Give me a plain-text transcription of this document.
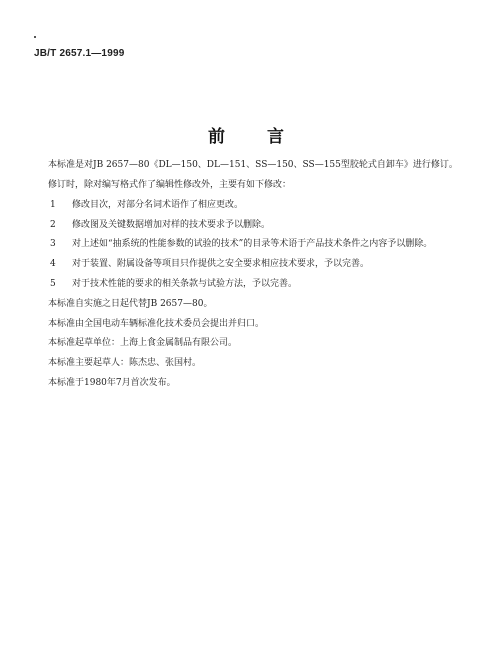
JB/T 2657.1—1999
前 言

本标准是对JB 2657—80《DL—150、DL—151、SS—150、SS—155型胶轮式自卸车》进行修订。

修订时，除对编写格式作了编辑性修改外，主要有如下修改：

1	修改目次，对部分名词术语作了相应更改。
2	修改图及关键数据增加对样的技术要求予以删除。
3	对上述如“抽系统的性能参数的试验的技术”的目录等术语于产品技术条件之内容予以删除。
4	对于装置、附属设备等项目只作提供之安全要求相应技术要求，予以完善。
5	对于技术性能的要求的相关条款与试验方法，予以完善。

本标准自实施之日起代替JB 2657—80。

本标准由全国电动车辆标准化技术委员会提出并归口。

本标准起草单位：上海上食金属制品有限公司。

本标准主要起草人：陈杰忠、张国村。

本标准于1980年7月首次发布。
